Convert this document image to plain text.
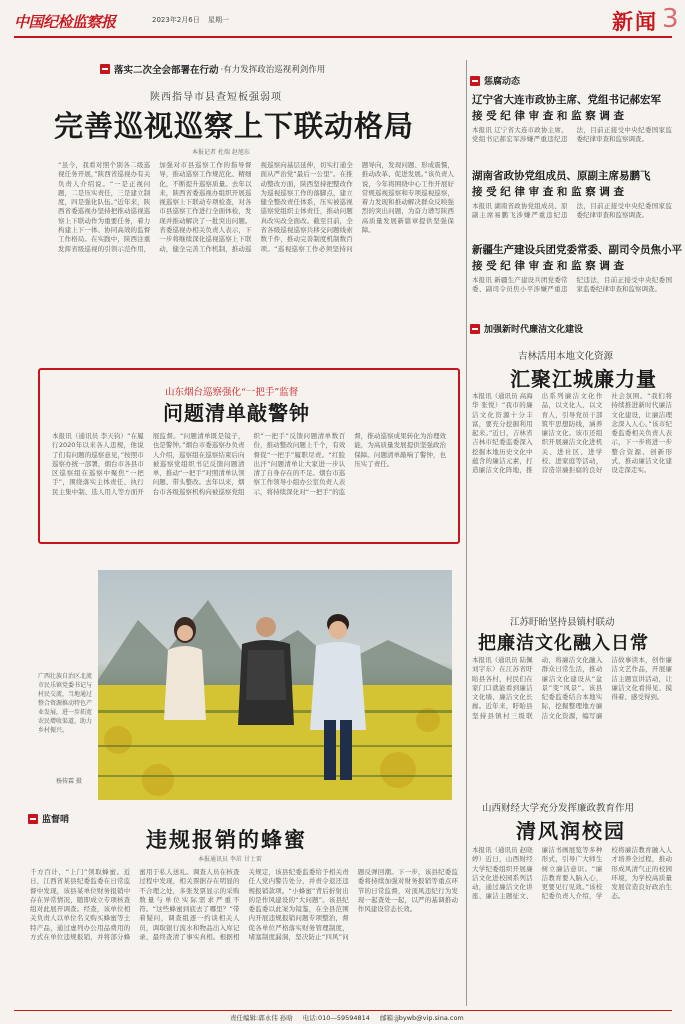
中国纪检监察报	2023年2月6日 星期一	新闻 3
落实二次全会部署在行动 ·有力发挥政治巡视利剑作用
陕西指导市县查短板强弱项
完善巡视巡察上下联动格局
本报记者 杜瑞 赵旭东
“虽今，我看对照个别各二级巡视任务开展，”陕西省巡视办有关负责人介绍说。“一是正视问题，二是压实责任，三是建立制度，四是强化队伍。”近年来，陕西省委巡视办坚持把推动巡视巡察上下联动作为重要任务，着力构建上下一体、协同高效的监督工作格局。在实践中，陕西注重发挥省级巡视的引领示范作用，加强对市县巡察工作的指导督导，推动巡察工作规范化、精细化，不断提升巡察质量。去年以来，陕西省委巡视办组织开展巡视巡察上下联动专项检查，对各市县巡察工作进行全面体检，发现并推动解决了一批突出问题。省委巡视办相关负责人表示，下一步将继续深化巡视巡察上下联动，健全完善工作机制，推动巡视巡察向基层延伸，切实打通全面从严治党“最后一公里”。在推动整改方面，陕西坚持把整改作为巡视巡察工作的落脚点，建立健全整改责任体系，压实被巡视巡察党组织主体责任，推动问题真改实改全面改。截至目前，全省各级巡视巡察共移交问题线索数千件，推动完善制度机制数百项。“巡视巡察工作必须坚持问题导向，发现问题、形成震慑，推动改革、促进发展。”该负责人说，今年将围绕中心工作开展好常规巡视巡察和专项巡视巡察，着力发现和推动解决群众反映强烈的突出问题，为奋力谱写陕西高质量发展新篇章提供坚强保障。
山东烟台巡察强化“一把手”监督
问题清单敲警钟
本报讯（通讯员 李天钧）“在履行2020年以来各人违规，他说了们有问题的巡察意见，”按照市巡察办统一部署，烟台市各县市区巡察组在巡察中聚焦“一把手”，围绕落实主体责任、执行民主集中制、选人用人等方面开展监督。“问题清单既是镜子，也是警钟。”烟台市委巡察办负责人介绍，巡察组在巡察结束后向被巡察党组织书记反馈问题清单，推动“一把手”对照清单认领问题、带头整改。去年以来，烟台市各级巡察机构向被巡察党组织“一把手”反馈问题清单数百份，推动整改问题上千个，有效督促“一把手”履职尽责。“红脸出汗”问题清单让大家进一步认清了自身存在的不足。烟台市巡察工作领导小组办公室负责人表示，将持续深化对“一把手”的监督，推动巡察成果转化为治理效能，为高质量发展提供坚强政治保障。问题清单敲响了警钟，也压实了责任。
广西壮族自治区北流市民乐镇党委书记与村民交流，当地通过整合资源推动特色产业发展，进一步拓宽农民增收渠道，助力乡村振兴。
杨传霖 摄
监督哨
违规报销的蜂蜜
本报通讯员 李茁 甘士雷
千方百计，“上门”领取蜂蜜。近日，江西省某县纪委监委在日常监督中发现，该县某单位财务报销中存在异常情况，随即成立专项核查组对此展开调查。经查，该单位相关负责人以单位名义购买蜂蜜等土特产品，通过虚列办公用品费用的方式在单位违规报销，并将部分蜂蜜用于私人送礼。调查人员在核查过程中发现，相关票据存在明显的不合理之处，多张发票显示的采购数量与单位实际需求严重不符。“这些蜂蜜到底去了哪里？”带着疑问，调查组逐一约谈相关人员，调取银行流水和物品出入库记录，最终查清了事实真相。根据相关规定，该县纪委监委给予相关责任人党内警告处分，并责令退还违规报销款项。“小蜂蜜”背后折射出的是作风建设的“大问题”。该县纪委监委以此案为镜鉴，在全县范围内开展违规报销问题专项整治，督促各单位严格落实财务管理制度，堵塞制度漏洞，坚决防止“四风”问题反弹回潮。下一步，该县纪委监委将持续加强对财务报销等重点环节的日常监督，对顶风违纪行为发现一起查处一起，以严的基调推动作风建设常态长效。
惩腐动态
辽宁省大连市政协主席、党组书记郝宏军
接 受 纪 律 审 查 和 监 察 调 查
本报讯 辽宁省大连市政协主席、党组书记郝宏军涉嫌严重违纪违法，目前正接受中央纪委国家监委纪律审查和监察调查。
湖南省政协党组成员、原副主席易鹏飞
接 受 纪 律 审 查 和 监 察 调 查
本报讯 湖南省政协党组成员、原副主席易鹏飞涉嫌严重违纪违法，目前正接受中央纪委国家监委纪律审查和监察调查。
新疆生产建设兵团党委常委、副司令员焦小平
接 受 纪 律 审 查 和 监 察 调 查
本报讯 新疆生产建设兵团党委常委、副司令员焦小平涉嫌严重违纪违法，目前正接受中央纪委国家监委纪律审查和监察调查。
加强新时代廉洁文化建设
吉林活用本地文化资源
汇聚江城廉力量
本报讯（通讯员 高海华 张悦）“我市的廉洁文化资源十分丰富，要充分挖掘利用起来。”近日，吉林省吉林市纪委监委深入挖掘本地历史文化中蕴含的廉洁元素，打造廉洁文化阵地，推出系列廉洁文化作品，以文化人、以文育人，引导党员干部筑牢思想防线，涵养廉洁文化。该市还组织开展廉洁文化进机关、进社区、进学校、进家庭等活动，营造崇廉拒腐的良好社会氛围。“我们将持续推进新时代廉洁文化建设，让廉洁理念深入人心。”该市纪委监委相关负责人表示，下一步将进一步整合资源、创新形式，推动廉洁文化建设走深走实。
江苏盱眙坚持县镇村联动
把廉洁文化融入日常
本报讯（通讯员 陆佩 刘宇东）在江苏省盱眙县各村，村民们在家门口就能看到廉洁文化墙、廉洁文化长廊。近年来，盱眙县坚持县镇村三级联动，将廉洁文化融入群众日常生活，推动廉洁文化建设从“盆景”变“风景”。该县纪委监委结合本地实际，挖掘整理地方廉洁文化资源，编写廉洁故事读本，创作廉洁文艺作品，开展廉洁主题宣讲活动，让廉洁文化看得见、摸得着、感受得到。
山西财经大学充分发挥廉政教育作用
清风润校园
本报讯（通讯员 赵晓婷）近日，山西财经大学纪委组织开展廉洁文化进校园系列活动，通过廉洁文化讲座、廉洁主题征文、廉洁书画展览等多种形式，引导广大师生树立廉洁意识。“廉洁教育要入脑入心，更要见行见效。”该校纪委负责人介绍，学校将廉洁教育融入人才培养全过程，推动形成风清气正的校园环境，为学校高质量发展营造良好政治生态。
责任编辑:郭永伟 孙晗 电话:010—59594814 邮箱:jjbywb@vip.sina.com
